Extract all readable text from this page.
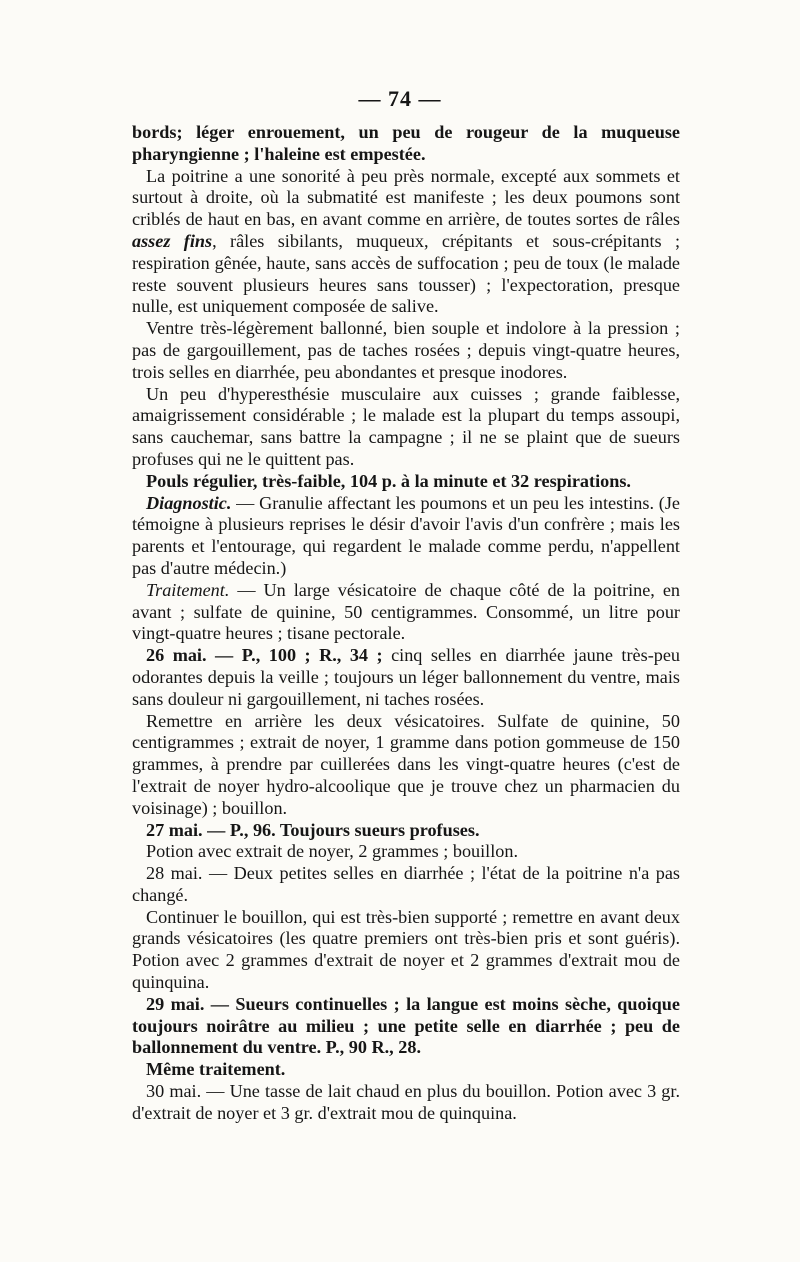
— 74 —

bords; léger enrouement, un peu de rougeur de la muqueuse pharyngienne ; l'haleine est empestée.

La poitrine a une sonorité à peu près normale, excepté aux sommets et surtout à droite, où la submatité est manifeste ; les deux poumons sont criblés de haut en bas, en avant comme en arrière, de toutes sortes de râles assez fins, râles sibilants, muqueux, crépitants et sous-crépitants ; respiration gênée, haute, sans accès de suffocation ; peu de toux (le malade reste souvent plusieurs heures sans tousser) ; l'expectoration, presque nulle, est uniquement composée de salive.

Ventre très-légèrement ballonné, bien souple et indolore à la pression ; pas de gargouillement, pas de taches rosées ; depuis vingt-quatre heures, trois selles en diarrhée, peu abondantes et presque inodores.

Un peu d'hyperesthésie musculaire aux cuisses ; grande faiblesse, amaigrissement considérable ; le malade est la plupart du temps assoupi, sans cauchemar, sans battre la campagne ; il ne se plaint que de sueurs profuses qui ne le quittent pas.

Pouls régulier, très-faible, 104 p. à la minute et 32 respirations.

Diagnostic. — Granulie affectant les poumons et un peu les intestins. (Je témoigne à plusieurs reprises le désir d'avoir l'avis d'un confrère ; mais les parents et l'entourage, qui regardent le malade comme perdu, n'appellent pas d'autre médecin.)

Traitement. — Un large vésicatoire de chaque côté de la poitrine, en avant ; sulfate de quinine, 50 centigrammes. Consommé, un litre pour vingt-quatre heures ; tisane pectorale.

26 mai. — P., 100 ; R., 34 ; cinq selles en diarrhée jaune très-peu odorantes depuis la veille ; toujours un léger ballonnement du ventre, mais sans douleur ni gargouillement, ni taches rosées.

Remettre en arrière les deux vésicatoires. Sulfate de quinine, 50 centigrammes ; extrait de noyer, 1 gramme dans potion gommeuse de 150 grammes, à prendre par cuillerées dans les vingt-quatre heures (c'est de l'extrait de noyer hydro-alcoolique que je trouve chez un pharmacien du voisinage) ; bouillon.

27 mai. — P., 96. Toujours sueurs profuses.

Potion avec extrait de noyer, 2 grammes ; bouillon.

28 mai. — Deux petites selles en diarrhée ; l'état de la poitrine n'a pas changé.

Continuer le bouillon, qui est très-bien supporté ; remettre en avant deux grands vésicatoires (les quatre premiers ont très-bien pris et sont guéris). Potion avec 2 grammes d'extrait de noyer et 2 grammes d'extrait mou de quinquina.

29 mai. — Sueurs continuelles ; la langue est moins sèche, quoique toujours noirâtre au milieu ; une petite selle en diarrhée ; peu de ballonnement du ventre. P., 90 R., 28.

Même traitement.

30 mai. — Une tasse de lait chaud en plus du bouillon. Potion avec 3 gr. d'extrait de noyer et 3 gr. d'extrait mou de quinquina.
